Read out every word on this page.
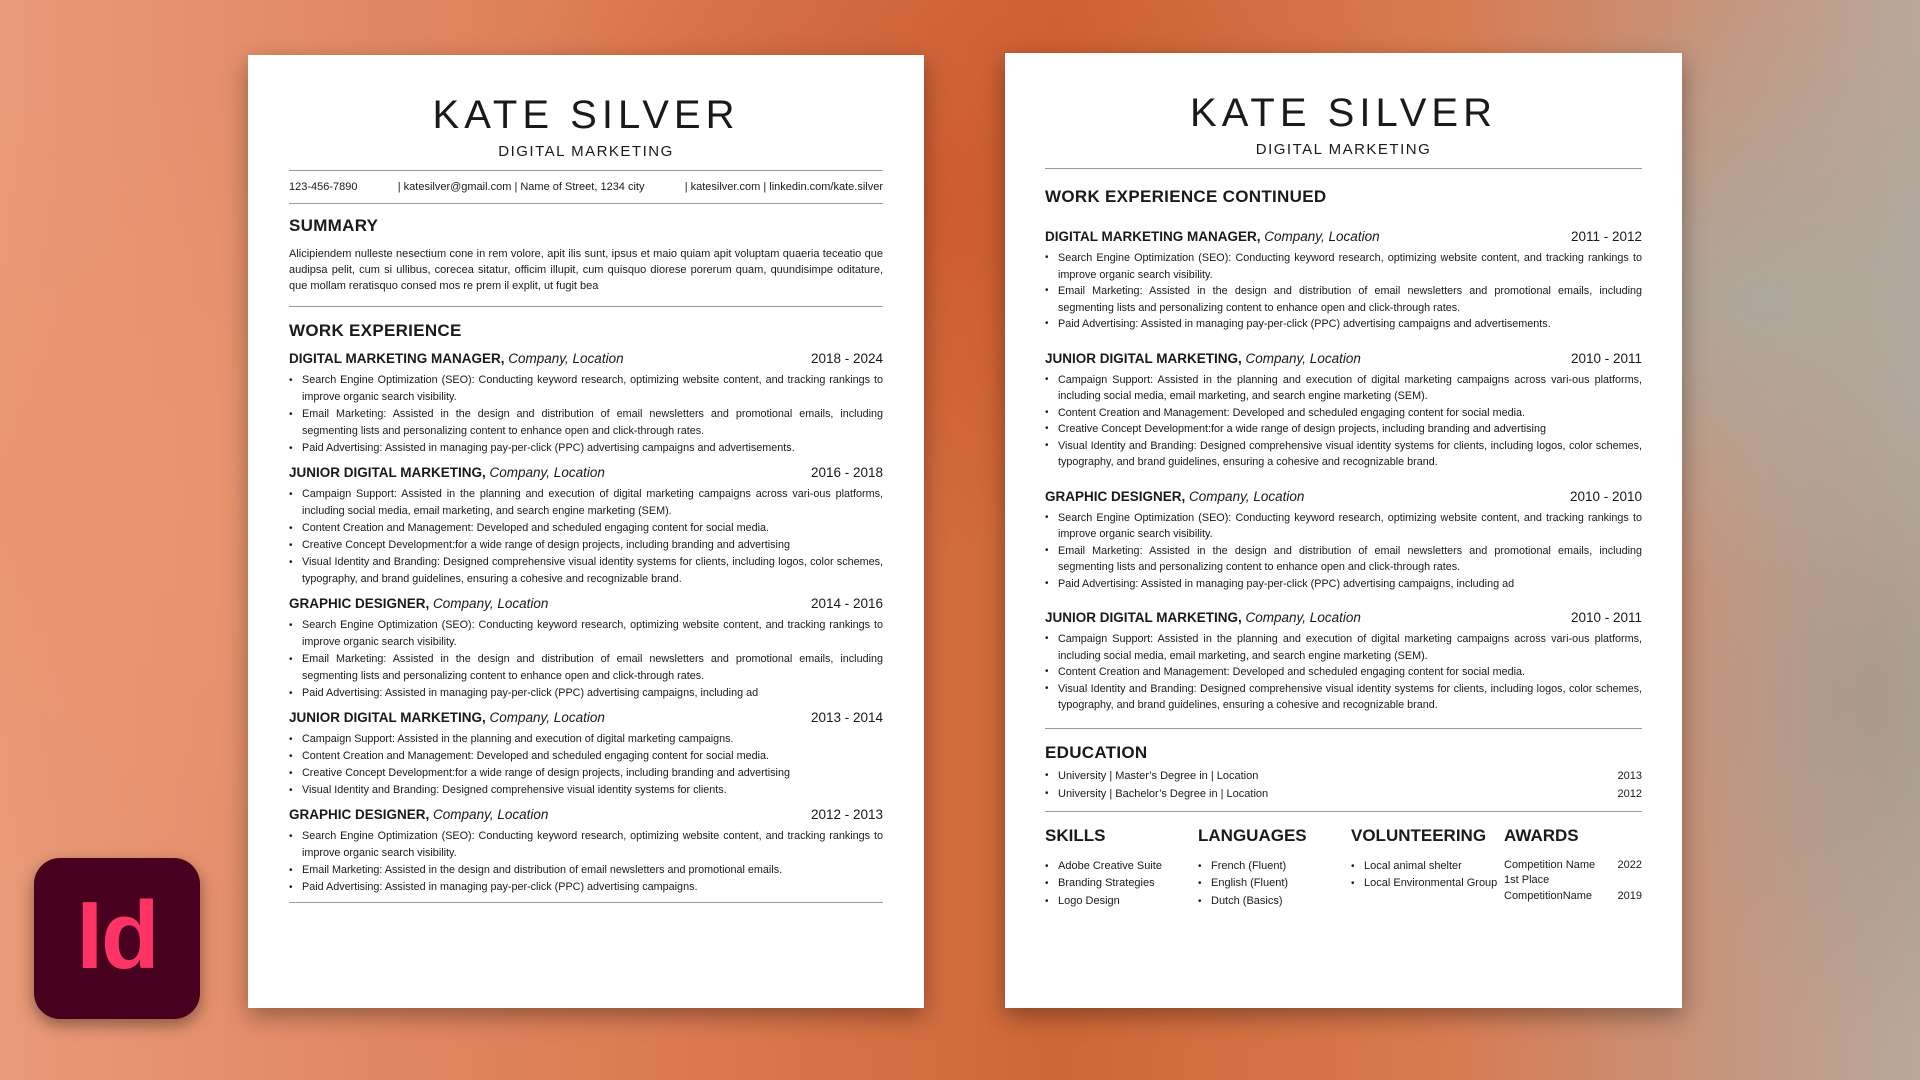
KATE SILVER
DIGITAL MARKETING
123-456-7890	| katesilver@gmail.com | Name of Street, 1234 city	| katesilver.com | linkedin.com/kate.silver
SUMMARY
Alicipiendem nulleste nesectium cone in rem volore, apit ilis sunt, ipsus et maio quiam apit voluptam quaeria teceatio que audipsa pelit, cum si ullibus, corecea sitatur, officim illupit, cum quisquo diorese porerum quam, quundisimpe oditature, que mollam reratisquo consed mos re prem il explit, ut fugit bea
WORK EXPERIENCE
DIGITAL MARKETING MANAGER, Company, Location	2018 - 2024
• Search Engine Optimization (SEO): Conducting keyword research, optimizing website content, and tracking rankings to improve organic search visibility.
• Email Marketing: Assisted in the design and distribution of email newsletters and promotional emails, including segmenting lists and personalizing content to enhance open and click-through rates.
• Paid Advertising: Assisted in managing pay-per-click (PPC) advertising campaigns and advertisements.
JUNIOR DIGITAL MARKETING, Company, Location	2016 - 2018
• Campaign Support: Assisted in the planning and execution of digital marketing campaigns across vari-ous platforms, including social media, email marketing, and search engine marketing (SEM).
• Content Creation and Management: Developed and scheduled engaging content for social media.
• Creative Concept Development:for a wide range of design projects, including branding and advertising
• Visual Identity and Branding: Designed comprehensive visual identity systems for clients, including logos, color schemes, typography, and brand guidelines, ensuring a cohesive and recognizable brand.
GRAPHIC DESIGNER, Company, Location	2014 - 2016
• Search Engine Optimization (SEO): Conducting keyword research, optimizing website content, and tracking rankings to improve organic search visibility.
• Email Marketing: Assisted in the design and distribution of email newsletters and promotional emails, including segmenting lists and personalizing content to enhance open and click-through rates.
• Paid Advertising: Assisted in managing pay-per-click (PPC) advertising campaigns, including ad
JUNIOR DIGITAL MARKETING, Company, Location	2013 - 2014
• Campaign Support: Assisted in the planning and execution of digital marketing campaigns.
• Content Creation and Management: Developed and scheduled engaging content for social media.
• Creative Concept Development:for a wide range of design projects, including branding and advertising
• Visual Identity and Branding: Designed comprehensive visual identity systems for clients.
GRAPHIC DESIGNER, Company, Location	2012 - 2013
• Search Engine Optimization (SEO): Conducting keyword research, optimizing website content, and tracking rankings to improve organic search visibility.
• Email Marketing: Assisted in the design and distribution of email newsletters and promotional emails.
• Paid Advertising: Assisted in managing pay-per-click (PPC) advertising campaigns.
KATE SILVER
DIGITAL MARKETING
WORK EXPERIENCE CONTINUED
DIGITAL MARKETING MANAGER, Company, Location	2011 - 2012
• Search Engine Optimization (SEO): Conducting keyword research, optimizing website content, and tracking rankings to improve organic search visibility.
• Email Marketing: Assisted in the design and distribution of email newsletters and promotional emails, including segmenting lists and personalizing content to enhance open and click-through rates.
• Paid Advertising: Assisted in managing pay-per-click (PPC) advertising campaigns and advertisements.
JUNIOR DIGITAL MARKETING, Company, Location	2010 - 2011
• Campaign Support: Assisted in the planning and execution of digital marketing campaigns across vari-ous platforms, including social media, email marketing, and search engine marketing (SEM).
• Content Creation and Management: Developed and scheduled engaging content for social media.
• Creative Concept Development:for a wide range of design projects, including branding and advertising
• Visual Identity and Branding: Designed comprehensive visual identity systems for clients, including logos, color schemes, typography, and brand guidelines, ensuring a cohesive and recognizable brand.
GRAPHIC DESIGNER, Company, Location	2010 - 2010
• Search Engine Optimization (SEO): Conducting keyword research, optimizing website content, and tracking rankings to improve organic search visibility.
• Email Marketing: Assisted in the design and distribution of email newsletters and promotional emails, including segmenting lists and personalizing content to enhance open and click-through rates.
• Paid Advertising: Assisted in managing pay-per-click (PPC) advertising campaigns, including ad
JUNIOR DIGITAL MARKETING, Company, Location	2010 - 2011
• Campaign Support: Assisted in the planning and execution of digital marketing campaigns across vari-ous platforms, including social media, email marketing, and search engine marketing (SEM).
• Content Creation and Management: Developed and scheduled engaging content for social media.
• Visual Identity and Branding: Designed comprehensive visual identity systems for clients, including logos, color schemes, typography, and brand guidelines, ensuring a cohesive and recognizable brand.
EDUCATION
• University | Master’s Degree in | Location	2013
• University | Bachelor’s Degree in | Location	2012
SKILLS
• Adobe Creative Suite
• Branding Strategies
• Logo Design
LANGUAGES
• French (Fluent)
• English (Fluent)
• Dutch (Basics)
VOLUNTEERING
• Local animal shelter
• Local Environmental Group
AWARDS
Competition Name 2022
1st Place
CompetitionName 2019
Id
